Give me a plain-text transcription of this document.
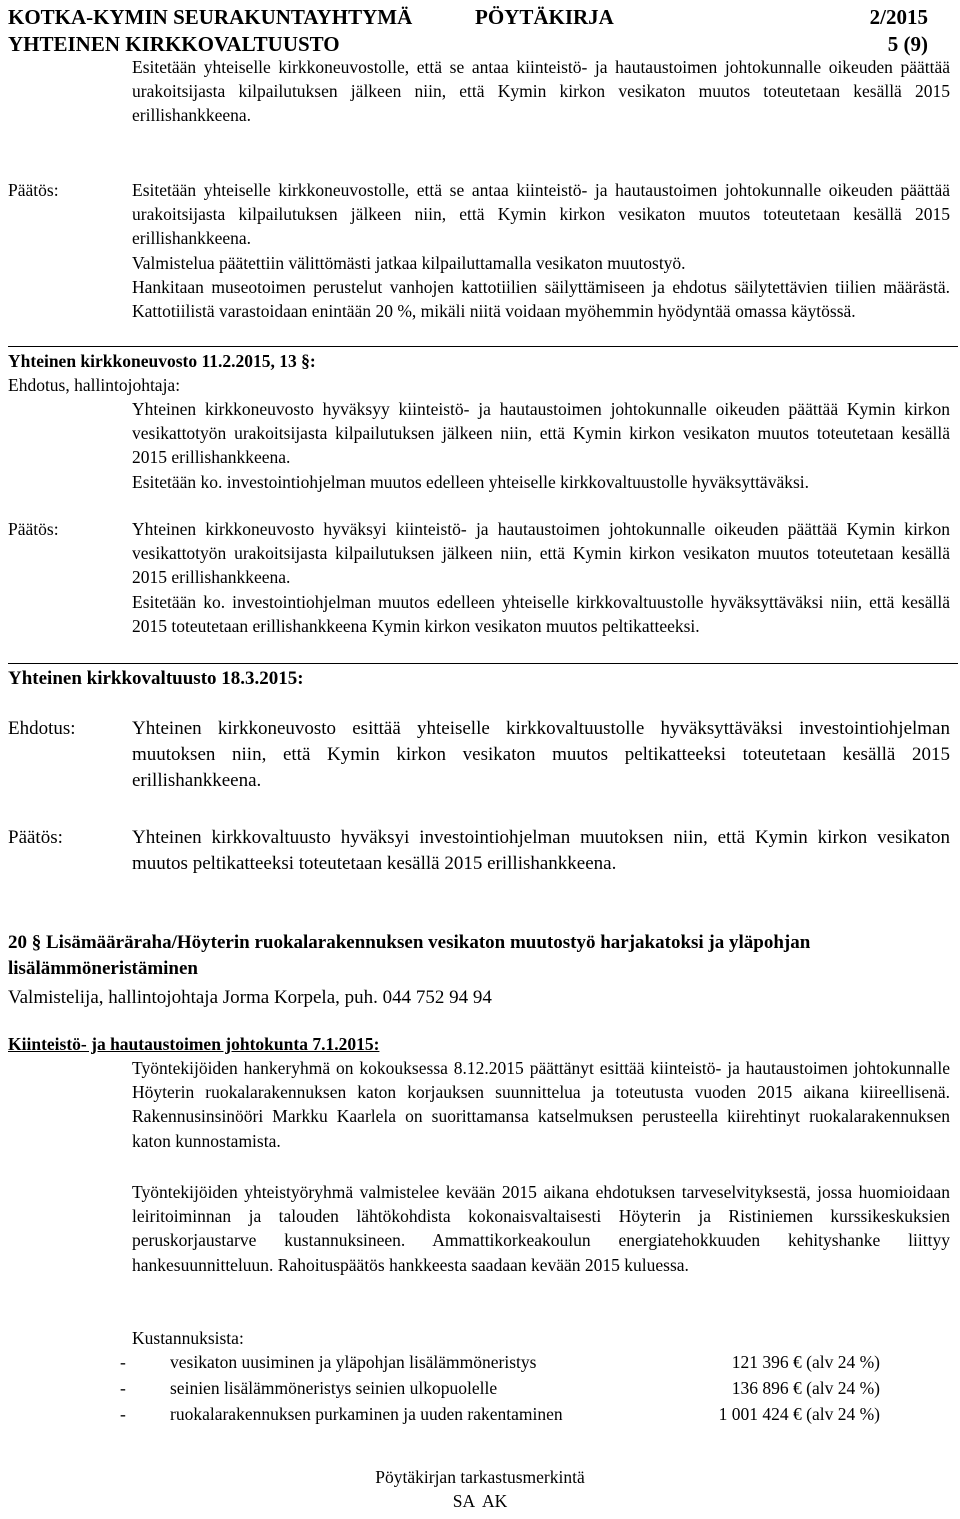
KOTKA-KYMIN SEURAKUNTAYHTYMÄ	PÖYTÄKIRJA	2/2015
YHTEINEN KIRKKOVALTUUSTO	5 (9)

Esitetään yhteiselle kirkkoneuvostolle, että se antaa kiinteistö- ja hautaustoimen johtokunnalle oikeuden päättää urakoitsijasta kilpailutuksen jälkeen niin, että Kymin kirkon vesikaton muutos toteutetaan kesällä 2015 erillishankkeena.

Päätös:	Esitetään yhteiselle kirkkoneuvostolle, että se antaa kiinteistö- ja hautaustoimen johtokunnalle oikeuden päättää urakoitsijasta kilpailutuksen jälkeen niin, että Kymin kirkon vesikaton muutos toteutetaan kesällä 2015 erillishankkeena.

Valmistelua päätettiin välittömästi jatkaa kilpailuttamalla vesikaton muutostyö.

Hankitaan museotoimen perustelut vanhojen kattotiilien säilyttämiseen ja ehdotus säilytettävien tiilien määrästä. Kattotiilistä varastoidaan enintään 20 %, mikäli niitä voidaan myöhemmin hyödyntää omassa käytössä.

Yhteinen kirkkoneuvosto 11.2.2015, 13 §:
Ehdotus, hallintojohtaja:

Yhteinen kirkkoneuvosto hyväksyy kiinteistö- ja hautaustoimen johtokunnalle oikeuden päättää Kymin kirkon vesikattotyön urakoitsijasta kilpailutuksen jälkeen niin, että Kymin kirkon vesikaton muutos toteutetaan kesällä 2015 erillishankkeena.

Esitetään ko. investointiohjelman muutos edelleen yhteiselle kirkkovaltuustolle hyväksyttäväksi.

Päätös:	Yhteinen kirkkoneuvosto hyväksyi kiinteistö- ja hautaustoimen johtokunnalle oikeuden päättää Kymin kirkon vesikattotyön urakoitsijasta kilpailutuksen jälkeen niin, että Kymin kirkon vesikaton muutos toteutetaan kesällä 2015 erillishankkeena.

Esitetään ko. investointiohjelman muutos edelleen yhteiselle kirkkovaltuustolle hyväksyttäväksi niin, että kesällä 2015 toteutetaan erillishankkeena Kymin kirkon vesikaton muutos peltikatteeksi.

Yhteinen kirkkovaltuusto 18.3.2015:
Ehdotus:	Yhteinen kirkkoneuvosto esittää yhteiselle kirkkovaltuustolle hyväksyttäväksi investointiohjelman muutoksen niin, että Kymin kirkon vesikaton muutos peltikatteeksi toteutetaan kesällä 2015 erillishankkeena.

Päätös:	Yhteinen kirkkovaltuusto hyväksyi investointiohjelman muutoksen niin, että Kymin kirkon vesikaton muutos peltikatteeksi toteutetaan kesällä 2015 erillishankkeena.

20 § Lisämääräraha/Höyterin ruokalarakennuksen vesikaton muutostyö harjakatoksi ja yläpohjan lisälämmöneristäminen
Valmistelija, hallintojohtaja Jorma Korpela, puh. 044 752 94 94
Kiinteistö- ja hautaustoimen johtokunta 7.1.2015:

Työntekijöiden hankeryhmä on kokouksessa 8.12.2015 päättänyt esittää kiinteistö- ja hautaustoimen johtokunnalle Höyterin ruokalarakennuksen katon korjauksen suunnittelua ja toteutusta vuoden 2015 aikana kiireellisenä. Rakennusinsinööri Markku Kaarlela on suorittamansa katselmuksen perusteella kiirehtinyt ruokalarakennuksen katon kunnostamista.

Työntekijöiden yhteistyöryhmä valmistelee kevään 2015 aikana ehdotuksen tarveselvityksestä, jossa huomioidaan leiritoiminnan ja talouden lähtökohdista kokonaisvaltaisesti Höyterin ja Ristiniemen kurssikeskuksien peruskorjaustarve kustannuksineen. Ammattikorkeakoulun energiatehokkuuden kehityshanke liittyy hankesuunnitteluun. Rahoituspäätös hankkeesta saadaan kevään 2015 kuluessa.

Kustannuksista:
-	vesikaton uusiminen ja yläpohjan lisälämmöneristys	121 396 € (alv 24 %)
-	seinien lisälämmöneristys seinien ulkopuolelle	136 896 € (alv 24 %)
-	ruokalarakennuksen purkaminen ja uuden rakentaminen	1 001 424 € (alv 24 %)
Pöytäkirjan tarkastusmerkintä
SA  AK
